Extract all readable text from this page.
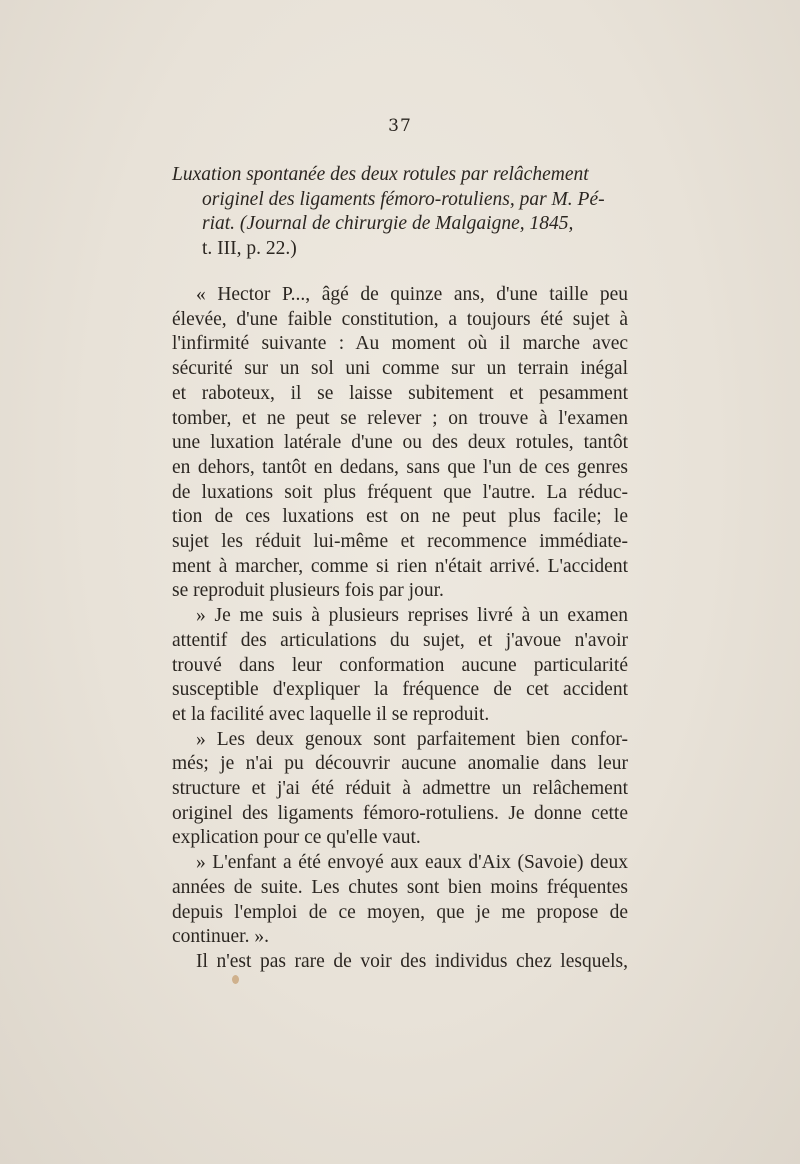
37
Luxation spontanée des deux rotules par relâchement
originel des ligaments fémoro-rotuliens, par M. Pé-
riat. (Journal de chirurgie de Malgaigne, 1845,
t. III, p. 22.)
« Hector P..., âgé de quinze ans, d'une taille peu
élevée, d'une faible constitution, a toujours été sujet à
l'infirmité suivante : Au moment où il marche avec
sécurité sur un sol uni comme sur un terrain inégal
et raboteux, il se laisse subitement et pesamment
tomber, et ne peut se relever ; on trouve à l'examen
une luxation latérale d'une ou des deux rotules, tantôt
en dehors, tantôt en dedans, sans que l'un de ces genres
de luxations soit plus fréquent que l'autre. La réduc-
tion de ces luxations est on ne peut plus facile; le
sujet les réduit lui-même et recommence immédiate-
ment à marcher, comme si rien n'était arrivé. L'accident
se reproduit plusieurs fois par jour.
» Je me suis à plusieurs reprises livré à un examen
attentif des articulations du sujet, et j'avoue n'avoir
trouvé dans leur conformation aucune particularité
susceptible d'expliquer la fréquence de cet accident
et la facilité avec laquelle il se reproduit.
» Les deux genoux sont parfaitement bien confor-
més; je n'ai pu découvrir aucune anomalie dans leur
structure et j'ai été réduit à admettre un relâchement
originel des ligaments fémoro-rotuliens. Je donne cette
explication pour ce qu'elle vaut.
» L'enfant a été envoyé aux eaux d'Aix (Savoie) deux
années de suite. Les chutes sont bien moins fréquentes
depuis l'emploi de ce moyen, que je me propose de
continuer. ».
Il n'est pas rare de voir des individus chez lesquels,
